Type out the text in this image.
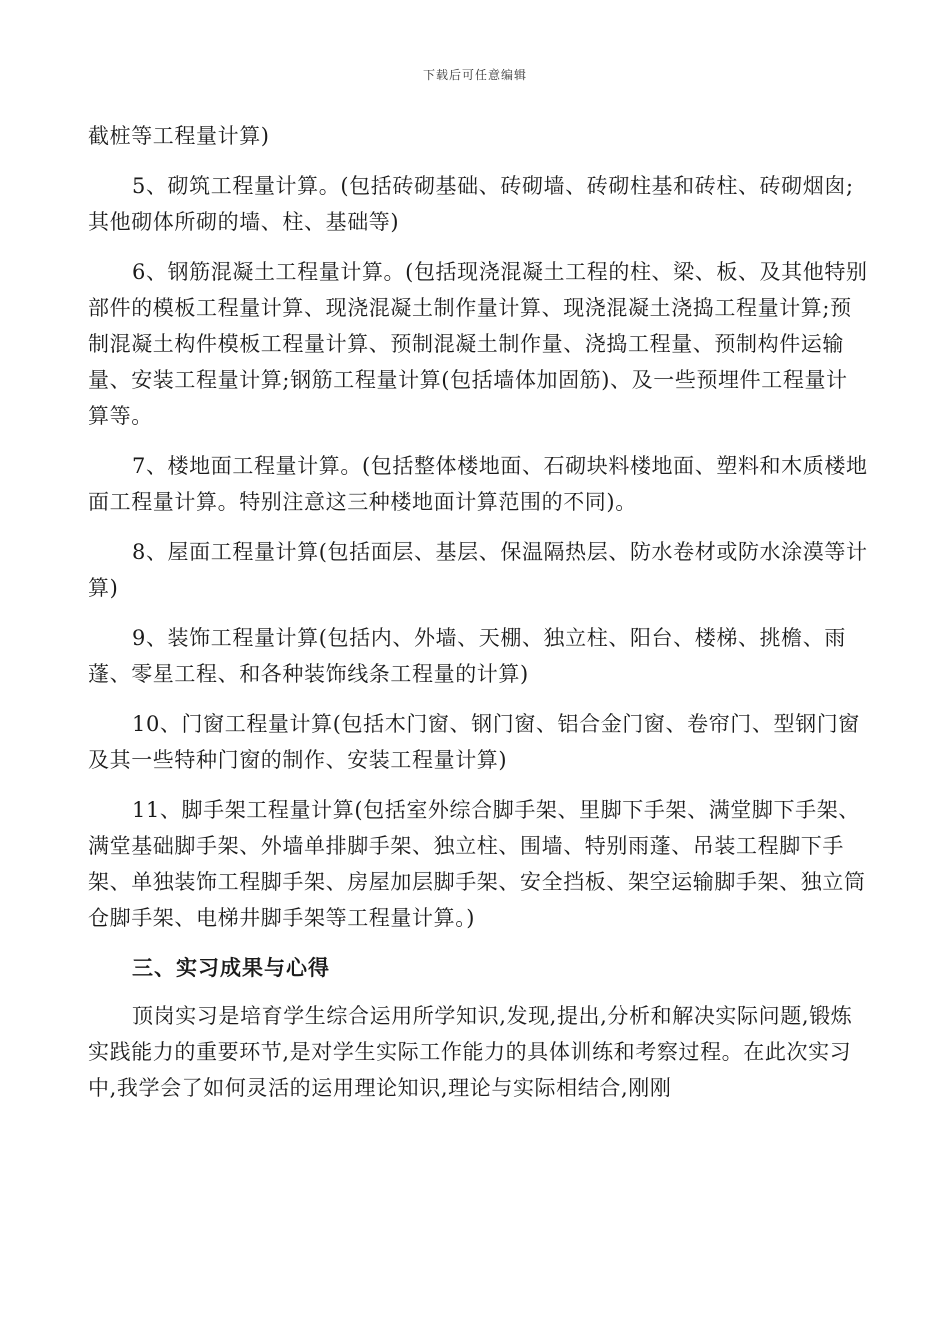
下载后可任意编辑

截桩等工程量计算)

5、砌筑工程量计算。(包括砖砌基础、砖砌墙、砖砌柱基和砖柱、砖砌烟囱;其他砌体所砌的墙、柱、基础等)

6、钢筋混凝土工程量计算。(包括现浇混凝土工程的柱、梁、板、及其他特别部件的模板工程量计算、现浇混凝土制作量计算、现浇混凝土浇捣工程量计算;预制混凝土构件模板工程量计算、预制混凝土制作量、浇捣工程量、预制构件运输量、安装工程量计算;钢筋工程量计算(包括墙体加固筋)、及一些预埋件工程量计算等。

7、楼地面工程量计算。(包括整体楼地面、石砌块料楼地面、塑料和木质楼地面工程量计算。特别注意这三种楼地面计算范围的不同)。

8、屋面工程量计算(包括面层、基层、保温隔热层、防水卷材或防水涂漠等计算)

9、装饰工程量计算(包括内、外墙、天棚、独立柱、阳台、楼梯、挑檐、雨蓬、零星工程、和各种装饰线条工程量的计算)

10、门窗工程量计算(包括木门窗、钢门窗、铝合金门窗、卷帘门、型钢门窗及其一些特种门窗的制作、安装工程量计算)

11、脚手架工程量计算(包括室外综合脚手架、里脚下手架、满堂脚下手架、满堂基础脚手架、外墙单排脚手架、独立柱、围墙、特别雨蓬、吊装工程脚下手架、单独装饰工程脚手架、房屋加层脚手架、安全挡板、架空运输脚手架、独立筒仓脚手架、电梯井脚手架等工程量计算。)

三、实习成果与心得

顶岗实习是培育学生综合运用所学知识,发现,提出,分析和解决实际问题,锻炼实践能力的重要环节,是对学生实际工作能力的具体训练和考察过程。在此次实习中,我学会了如何灵活的运用理论知识,理论与实际相结合,刚刚
